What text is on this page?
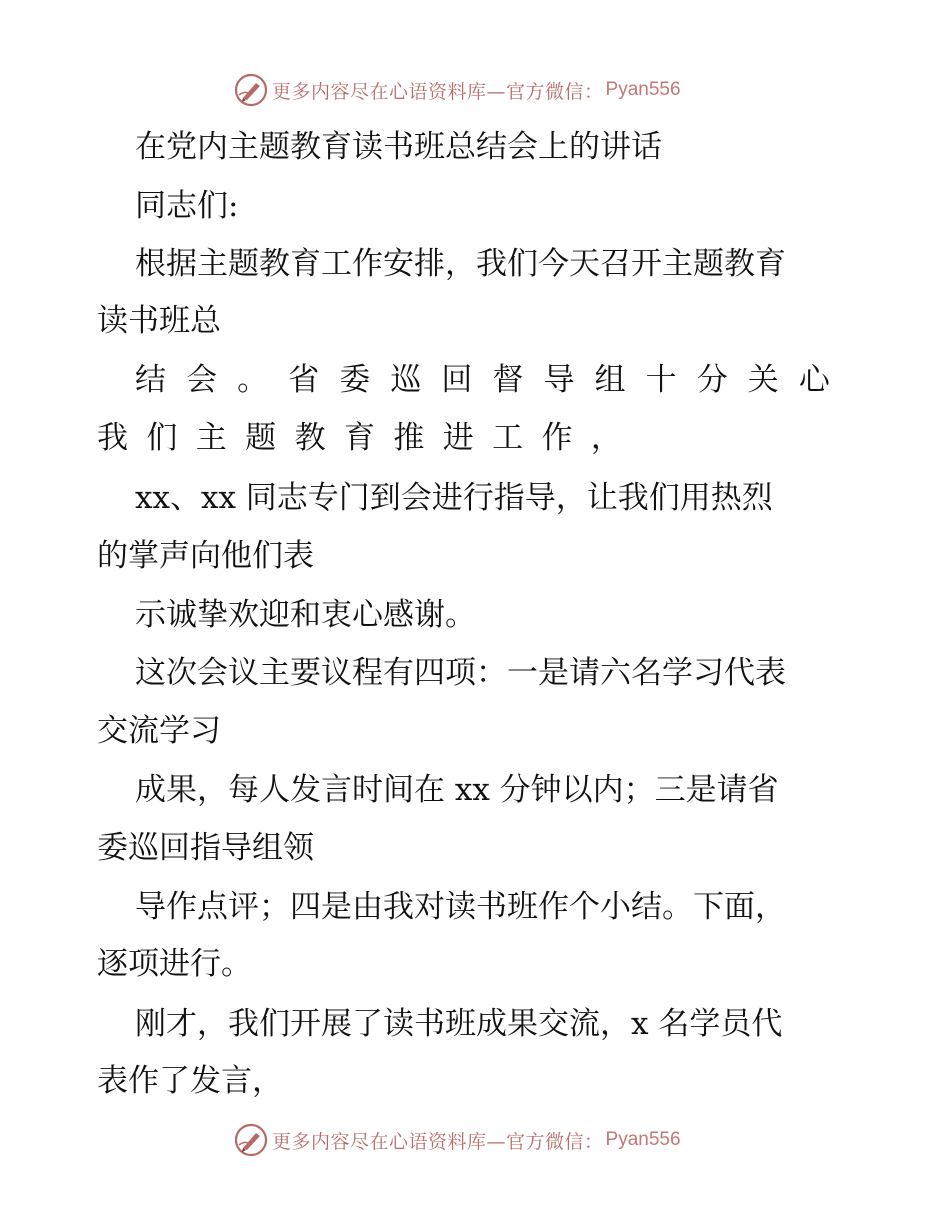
更多内容尽在心语资料库—官方微信： Pyan556
在党内主题教育读书班总结会上的讲话
同志们:
根据主题教育工作安排，我们今天召开主题教育
读书班总
结 会 。 省 委 巡 回 督 导 组 十 分 关 心
我 们 主 题 教 育 推 进 工 作 ，
xx、xx 同志专门到会进行指导，让我们用热烈
的掌声向他们表
示诚挚欢迎和衷心感谢。
这次会议主要议程有四项：一是请六名学习代表
交流学习
成果，每人发言时间在 xx 分钟以内；三是请省
委巡回指导组领
导作点评；四是由我对读书班作个小结。下面，
逐项进行。
刚才，我们开展了读书班成果交流，x 名学员代
表作了发言，
更多内容尽在心语资料库—官方微信： Pyan556
